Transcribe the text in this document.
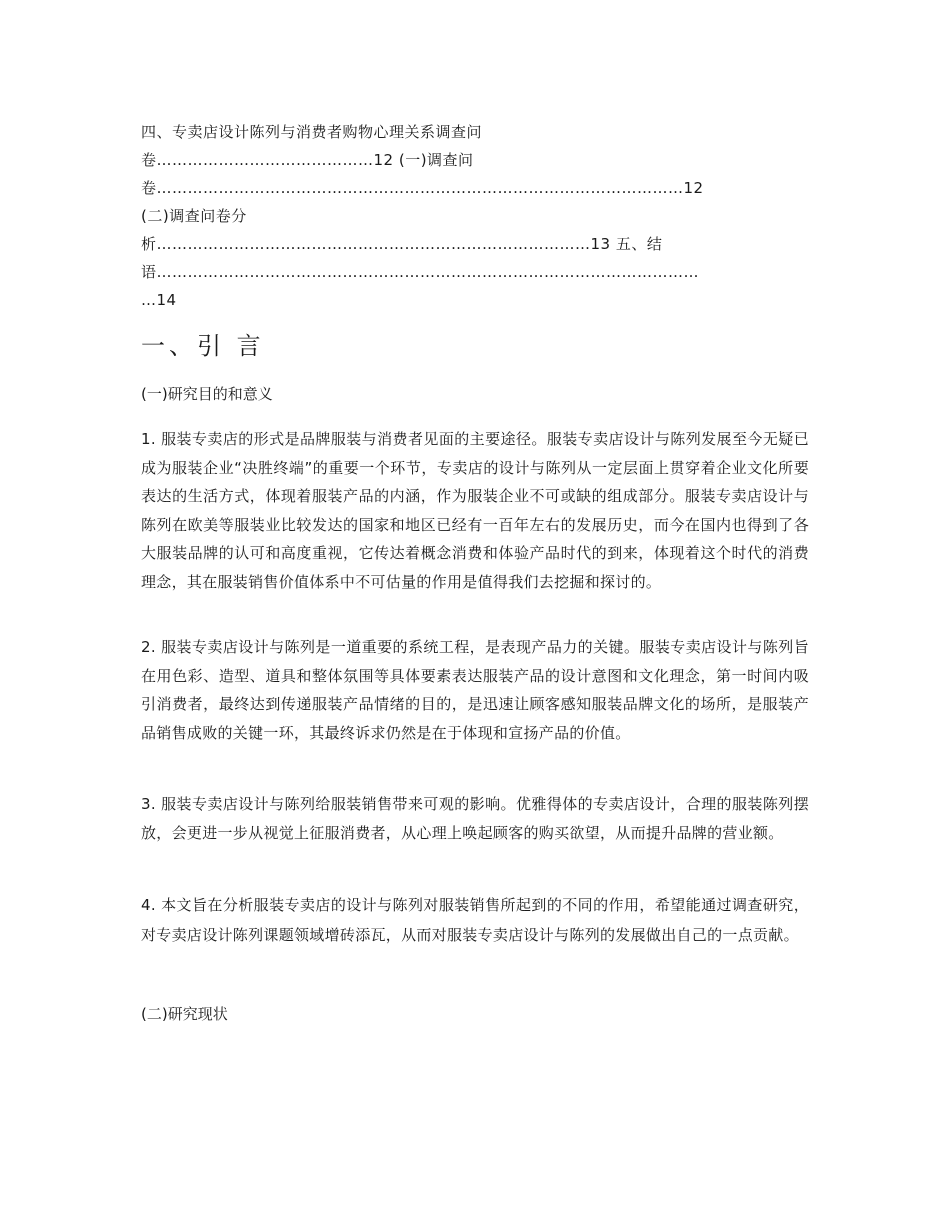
四、专卖店设计陈列与消费者购物心理关系调查问
卷……………………………………12 (一)调查问
卷…………………………………………………………………………………………12
(二)调查问卷分
析…………………………………………………………………………13 五、结
语……………………………………………………………………………………………
…14
一、引 言
(一)研究目的和意义

1. 服装专卖店的形式是品牌服装与消费者见面的主要途径。服装专卖店设计与陈列发展至今无疑已成为服装企业“决胜终端”的重要一个环节，专卖店的设计与陈列从一定层面上贯穿着企业文化所要表达的生活方式，体现着服装产品的内涵，作为服装企业不可或缺的组成部分。服装专卖店设计与陈列在欧美等服装业比较发达的国家和地区已经有一百年左右的发展历史，而今在国内也得到了各大服装品牌的认可和高度重视，它传达着概念消费和体验产品时代的到来，体现着这个时代的消费理念，其在服装销售价值体系中不可估量的作用是值得我们去挖掘和探讨的。

2. 服装专卖店设计与陈列是一道重要的系统工程，是表现产品力的关键。服装专卖店设计与陈列旨在用色彩、造型、道具和整体氛围等具体要素表达服装产品的设计意图和文化理念，第一时间内吸引消费者，最终达到传递服装产品情绪的目的，是迅速让顾客感知服装品牌文化的场所，是服装产品销售成败的关键一环，其最终诉求仍然是在于体现和宣扬产品的价值。

3. 服装专卖店设计与陈列给服装销售带来可观的影响。优雅得体的专卖店设计，合理的服装陈列摆放，会更进一步从视觉上征服消费者，从心理上唤起顾客的购买欲望，从而提升品牌的营业额。

4. 本文旨在分析服装专卖店的设计与陈列对服装销售所起到的不同的作用，希望能通过调查研究，对专卖店设计陈列课题领域增砖添瓦，从而对服装专卖店设计与陈列的发展做出自己的一点贡献。

(二)研究现状
